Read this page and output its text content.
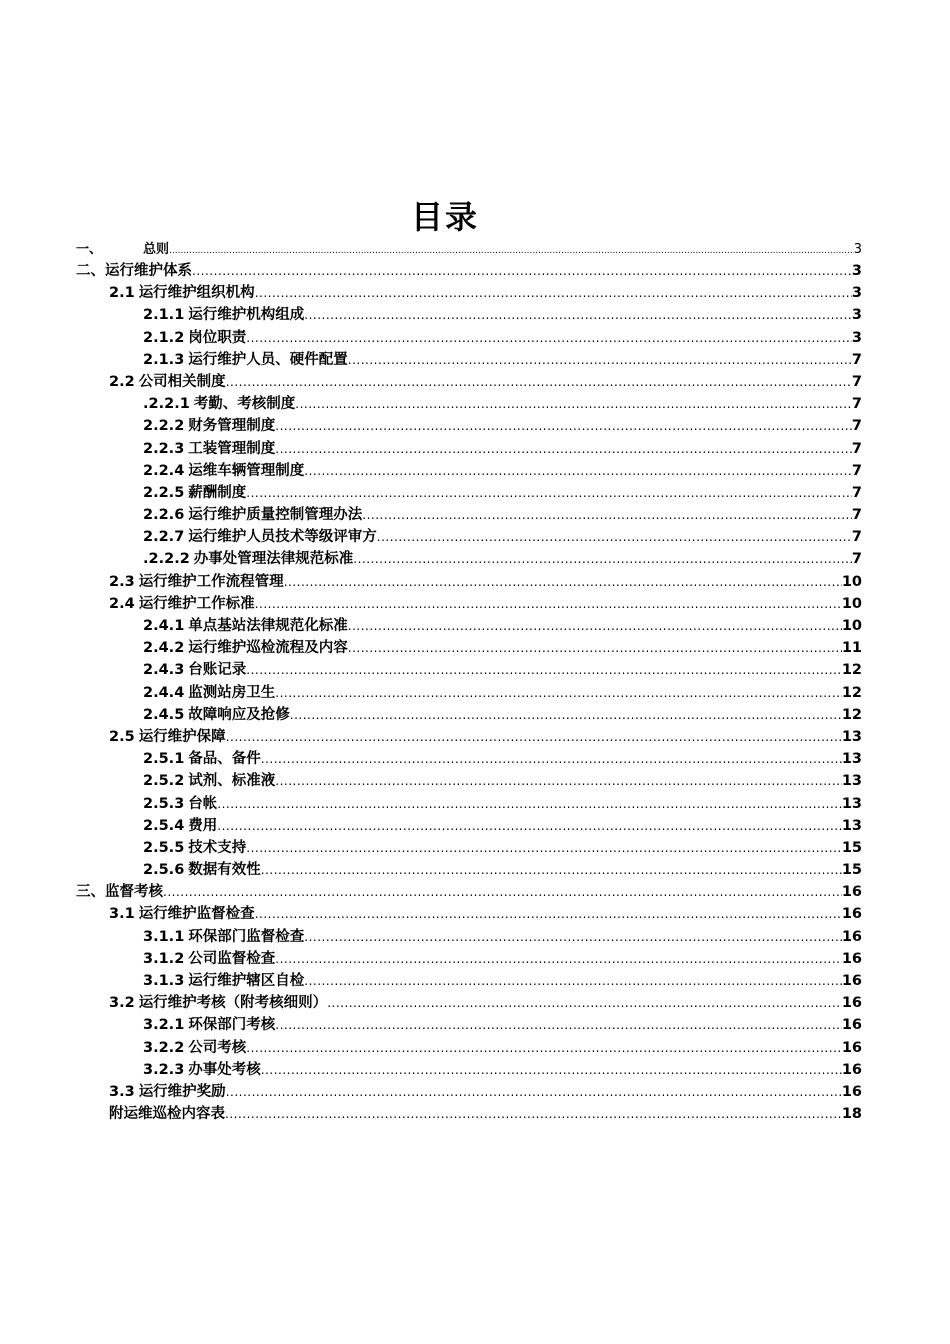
目录
一、	总则 .....	3
二、 运行维护体系 .....	3
2.1 运行维护组织机构 .....	3
2.1.1 运行维护机构组成 .....	3
2.1.2 岗位职责 .....	3
2.1.3 运行维护人员、硬件配置 .....	7
2.2 公司相关制度 .....	7
.2.2.1 考勤、考核制度 .....	7
2.2.2 财务管理制度 .....	7
2.2.3 工装管理制度 .....	7
2.2.4 运维车辆管理制度 .....	7
2.2.5 薪酬制度 .....	7
2.2.6 运行维护质量控制管理办法 .....	7
2.2.7 运行维护人员技术等级评审方 .....	7
.2.2.2 办事处管理法律规范标准 .....	7
2.3 运行维护工作流程管理 .....	10
2.4 运行维护工作标准 .....	10
2.4.1 单点基站法律规范化标准 .....	10
2.4.2 运行维护巡检流程及内容 .....	11
2.4.3 台账记录 .....	12
2.4.4 监测站房卫生 .....	12
2.4.5 故障响应及抢修 .....	12
2.5 运行维护保障 .....	13
2.5.1 备品、备件 .....	13
2.5.2 试剂、标准液 .....	13
2.5.3 台帐 .....	13
2.5.4 费用 .....	13
2.5.5 技术支持 .....	15
2.5.6 数据有效性 .....	15
三、 监督考核 .....	16
3.1 运行维护监督检查 .....	16
3.1.1 环保部门监督检查 .....	16
3.1.2 公司监督检查 .....	16
3.1.3 运行维护辖区自检 .....	16
3.2 运行维护考核（附考核细则） .....	16
3.2.1 环保部门考核 .....	16
3.2.2 公司考核 .....	16
3.2.3 办事处考核 .....	16
3.3 运行维护奖励 .....	16
附运维巡检内容表 .....	18
